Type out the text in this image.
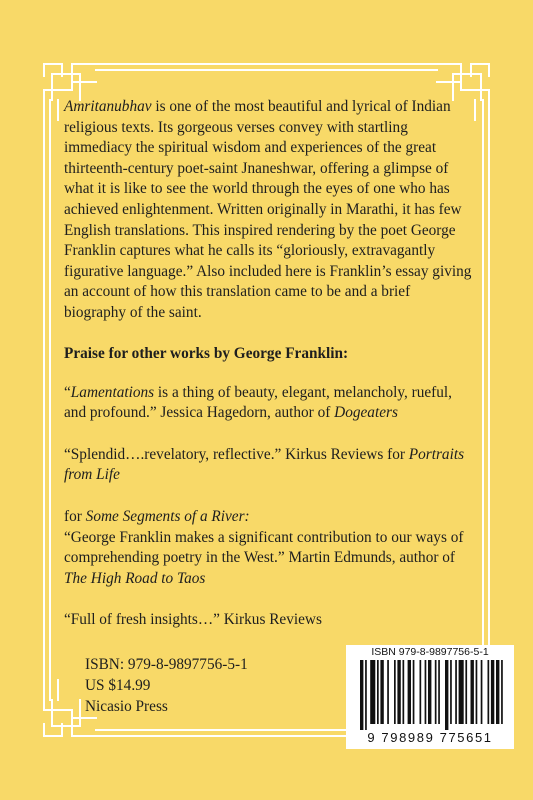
Amritanubhav is one of the most beautiful and lyrical of Indian religious texts. Its gorgeous verses convey with startling immediacy the spiritual wisdom and experiences of the great thirteenth-century poet-saint Jnaneshwar, offering a glimpse of what it is like to see the world through the eyes of one who has achieved enlightenment. Written originally in Marathi, it has few English translations. This inspired rendering by the poet George Franklin captures what he calls its “gloriously, extravagantly figurative language.” Also included here is Franklin’s essay giving an account of how this translation came to be and a brief biography of the saint.

Praise for other works by George Franklin:

“Lamentations is a thing of beauty, elegant, melancholy, rueful, and profound.” Jessica Hagedorn, author of Dogeaters

“Splendid….revelatory, reflective.” Kirkus Reviews for Portraits from Life

for Some Segments of a River:

“George Franklin makes a significant contribution to our ways of comprehending poetry in the West.” Martin Edmunds, author of The High Road to Taos

“Full of fresh insights…” Kirkus Reviews

ISBN: 979-8-9897756-5-1
US $14.99
Nicasio Press
ISBN 979-8-9897756-5-1
9 798989 775651
